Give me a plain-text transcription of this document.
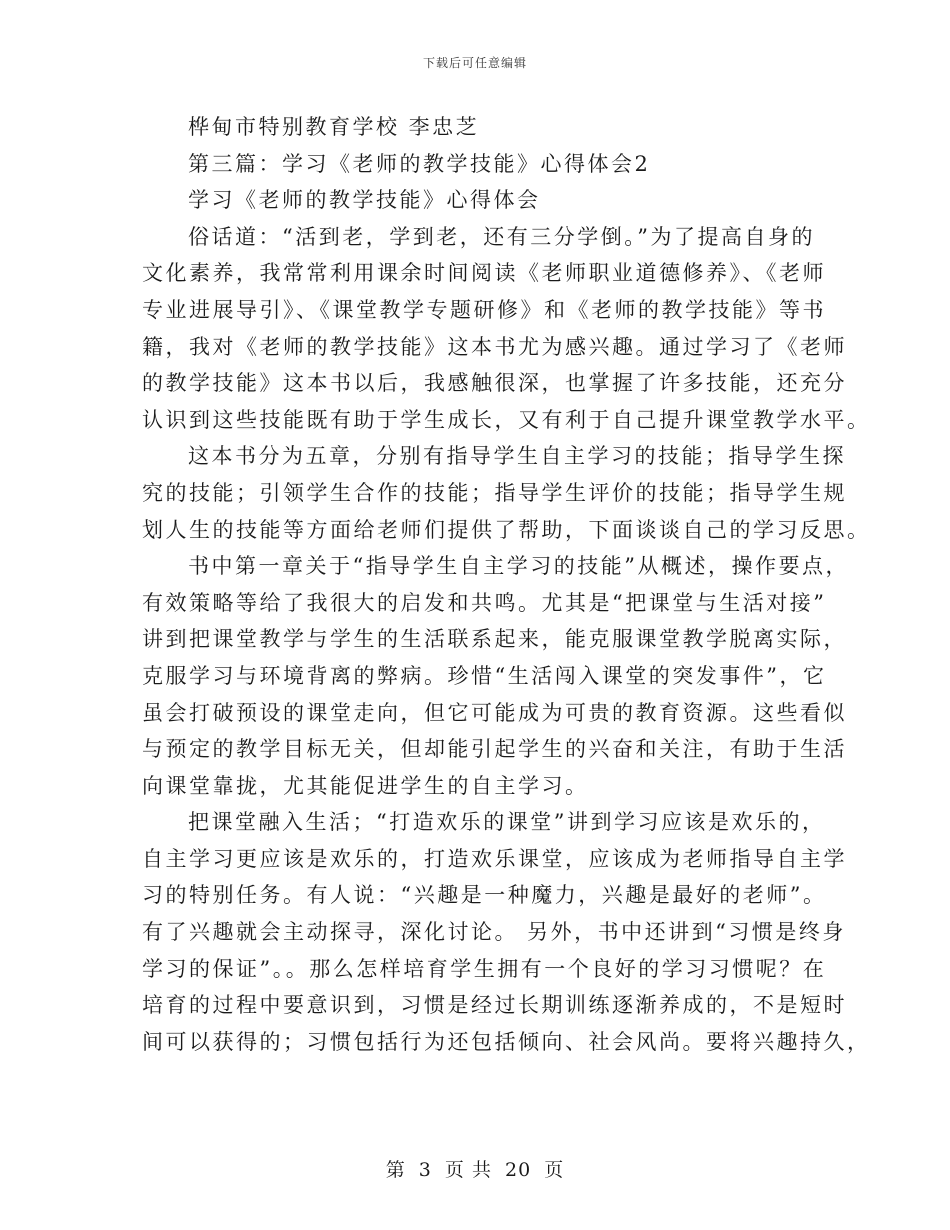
下载后可任意编辑
桦甸市特别教育学校 李忠芝
第三篇：学习《老师的教学技能》心得体会2
学习《老师的教学技能》心得体会
俗话道：“活到老，学到老，还有三分学倒。”为了提高自身的
文化素养，我常常利用课余时间阅读《老师职业道德修养》、《老师
专业进展导引》、《课堂教学专题研修》和《老师的教学技能》等书
籍，我对《老师的教学技能》这本书尤为感兴趣。通过学习了《老师
的教学技能》这本书以后，我感触很深，也掌握了许多技能，还充分
认识到这些技能既有助于学生成长，又有利于自己提升课堂教学水平。
这本书分为五章，分别有指导学生自主学习的技能；指导学生探
究的技能；引领学生合作的技能；指导学生评价的技能；指导学生规
划人生的技能等方面给老师们提供了帮助，下面谈谈自己的学习反思。
书中第一章关于“指导学生自主学习的技能”从概述，操作要点，
有效策略等给了我很大的启发和共鸣。尤其是“把课堂与生活对接”
讲到把课堂教学与学生的生活联系起来，能克服课堂教学脱离实际，
克服学习与环境背离的弊病。珍惜“生活闯入课堂的突发事件”，它
虽会打破预设的课堂走向，但它可能成为可贵的教育资源。这些看似
与预定的教学目标无关，但却能引起学生的兴奋和关注，有助于生活
向课堂靠拢，尤其能促进学生的自主学习。
把课堂融入生活；“打造欢乐的课堂”讲到学习应该是欢乐的，
自主学习更应该是欢乐的，打造欢乐课堂，应该成为老师指导自主学
习的特别任务。有人说：“兴趣是一种魔力，兴趣是最好的老师”。
有了兴趣就会主动探寻，深化讨论。 另外，书中还讲到“习惯是终身
学习的保证”。。那么怎样培育学生拥有一个良好的学习习惯呢？在
培育的过程中要意识到，习惯是经过长期训练逐渐养成的，不是短时
间可以获得的；习惯包括行为还包括倾向、社会风尚。要将兴趣持久，
第 3 页 共 20 页
